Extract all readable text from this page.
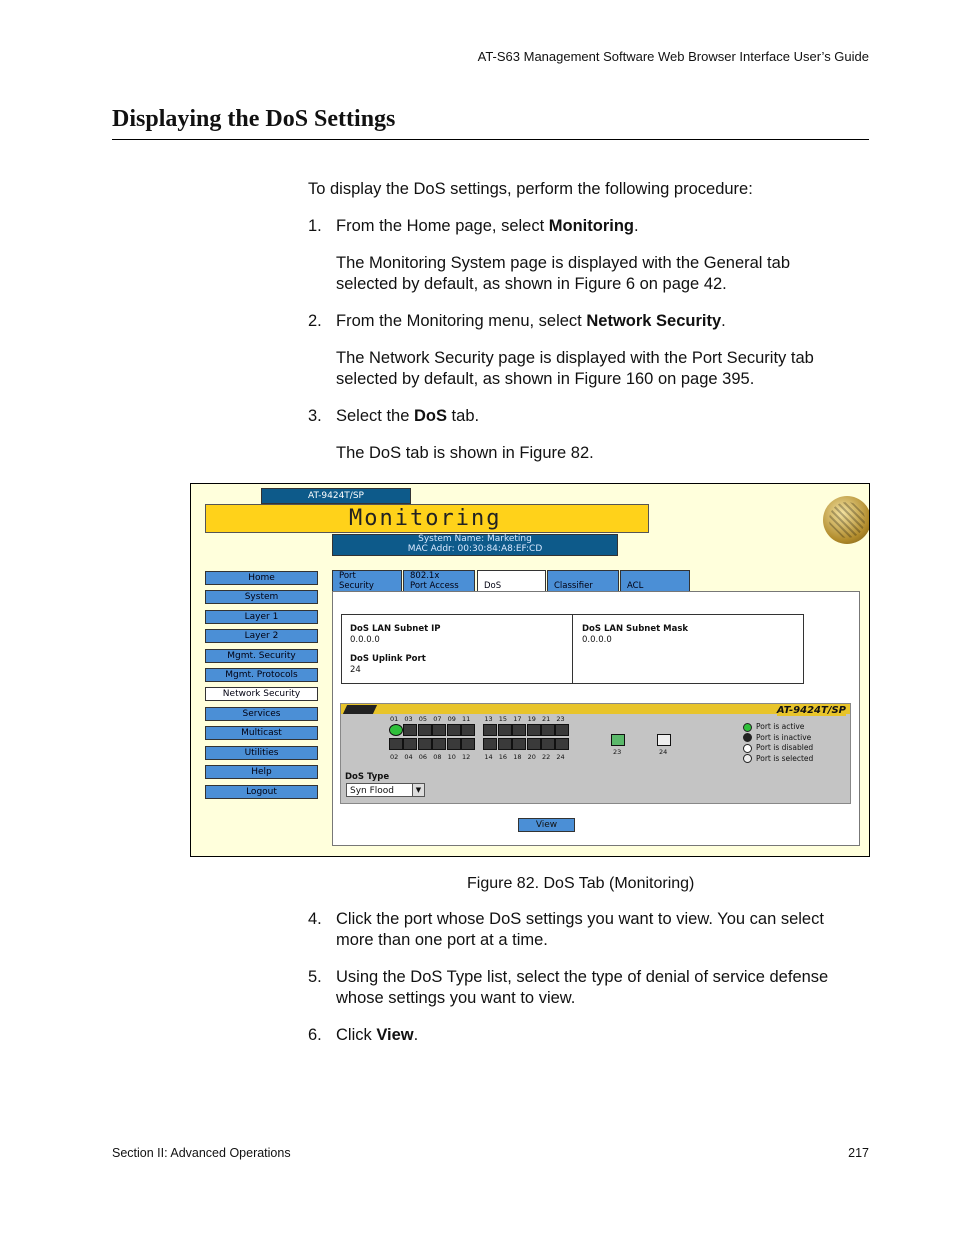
AT-S63 Management Software Web Browser Interface User’s Guide
Displaying the DoS Settings
To display the DoS settings, perform the following procedure:
1. From the Home page, select Monitoring.
The Monitoring System page is displayed with the General tab
selected by default, as shown in Figure 6 on page 42.
2. From the Monitoring menu, select Network Security.
The Network Security page is displayed with the Port Security tab
selected by default, as shown in Figure 160 on page 395.
3. Select the DoS tab.
The DoS tab is shown in Figure 82.
AT-9424T/SP
Monitoring
System Name: Marketing
MAC Addr: 00:30:84:A8:EF:CD
Home
System
Layer 1
Layer 2
Mgmt. Security
Mgmt. Protocols
Network Security
Services
Multicast
Utilities
Help
Logout
Port
Security
802.1x
Port Access	DoS	Classifier	ACL
DoS LAN Subnet IP
0.0.0.0
DoS Uplink Port
24
DoS LAN Subnet Mask
0.0.0.0
AT-9424T/SP
01 03 05 07 09 11 13 15 17 19 21 23
02 04 06 08 10 12 14 16 18 20 22 24
23	24
Port is active
Port is inactive
Port is disabled
Port is selected
DoS Type
Syn Flood	▼
View
Figure 82. DoS Tab (Monitoring)
4. Click the port whose DoS settings you want to view. You can select
more than one port at a time.
5. Using the DoS Type list, select the type of denial of service defense
whose settings you want to view.
6. Click View.
Section II: Advanced Operations	217
